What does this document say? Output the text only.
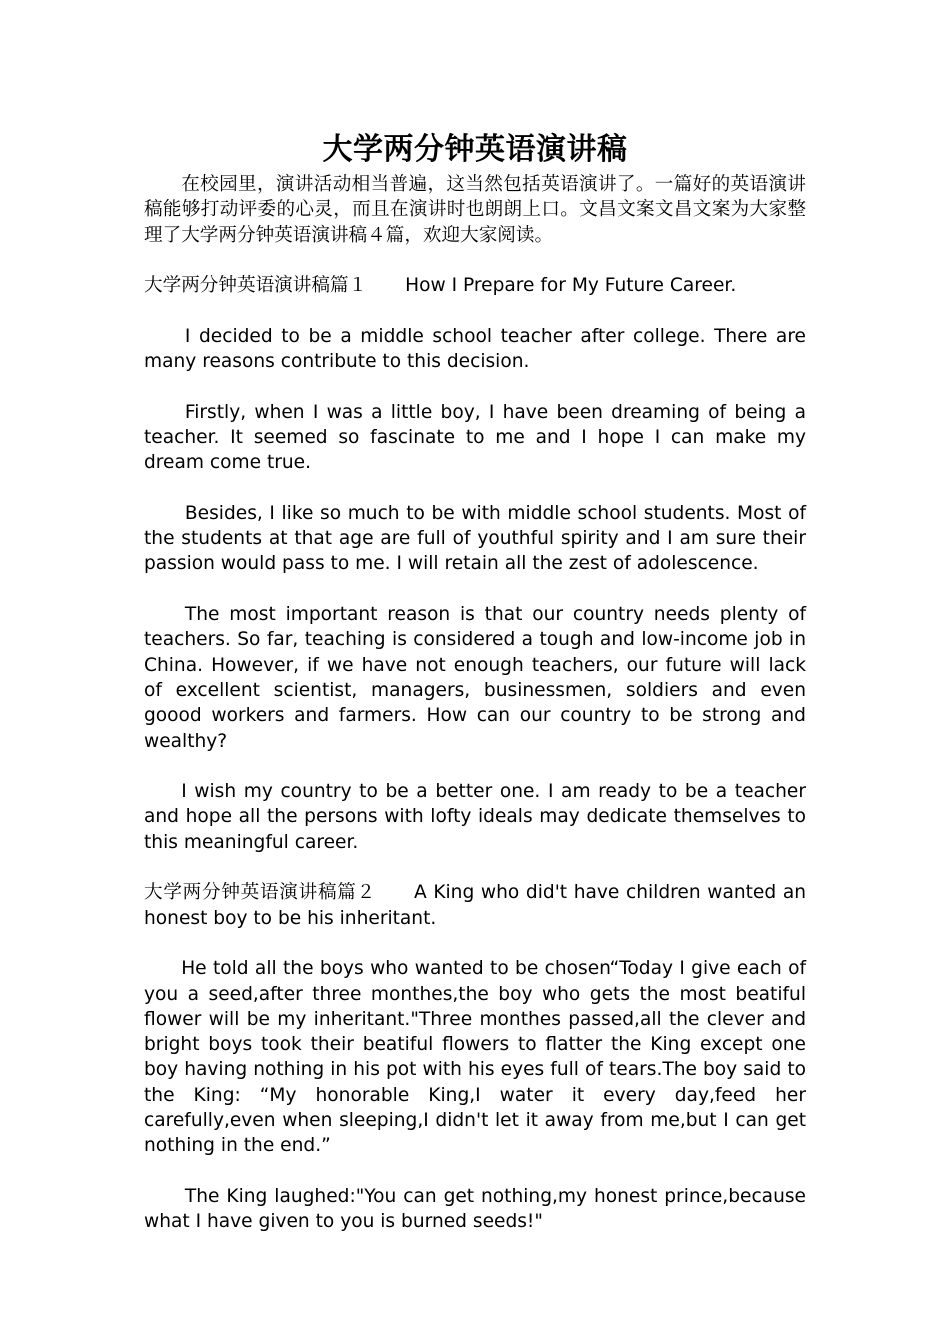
大学两分钟英语演讲稿

在校园里，演讲活动相当普遍，这当然包括英语演讲了。一篇好的英语演讲稿能够打动评委的心灵，而且在演讲时也朗朗上口。文昌文案文昌文案为大家整理了大学两分钟英语演讲稿４篇，欢迎大家阅读。

大学两分钟英语演讲稿篇１ How I Prepare for My Future Career.

I decided to be a middle school teacher after college. There are many reasons contribute to this decision.

Firstly, when I was a little boy, I have been dreaming of being a teacher. It seemed so fascinate to me and I hope I can make my dream come true.

Besides, I like so much to be with middle school students. Most of the students at that age are full of youthful spirity and I am sure their passion would pass to me. I will retain all the zest of adolescence.

The most important reason is that our country needs plenty of teachers. So far, teaching is considered a tough and low-income job in China. However, if we have not enough teachers, our future will lack of excellent scientist, managers, businessmen, soldiers and even goood workers and farmers. How can our country to be strong and wealthy?

I wish my country to be a better one. I am ready to be a teacher and hope all the persons with lofty ideals may dedicate themselves to this meaningful career.

大学两分钟英语演讲稿篇２ A King who did't have children wanted an honest boy to be his inheritant.

He told all the boys who wanted to be chosen“Today I give each of you a seed,after three monthes,the boy who gets the most beatiful flower will be my inheritant."Three monthes passed,all the clever and bright boys took their beatiful flowers to flatter the King except one boy having nothing in his pot with his eyes full of tears.The boy said to the King: “My honorable King,I water it every day,feed her carefully,even when sleeping,I didn't let it away from me,but I can get nothing in the end.”

The King laughed:"You can get nothing,my honest prince,because what I have given to you is burned seeds!"
